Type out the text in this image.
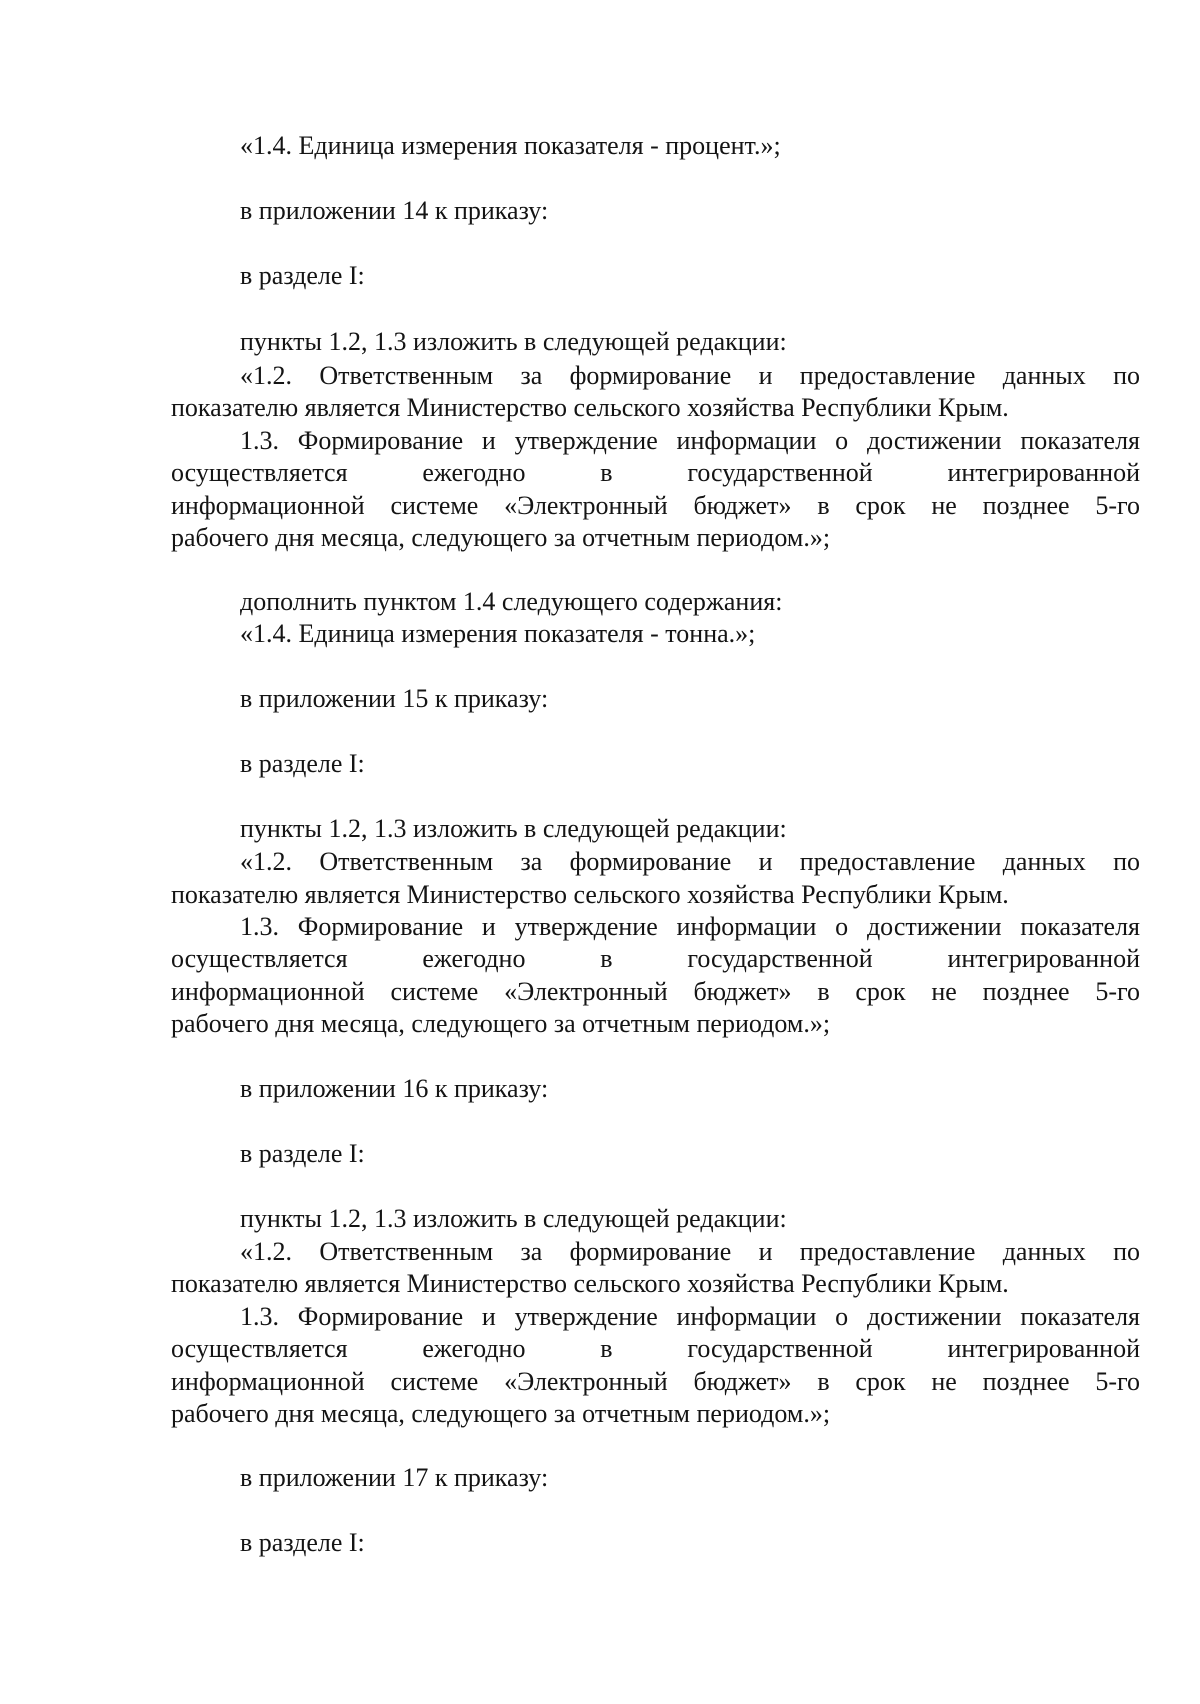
«1.4. Единица измерения показателя - процент.»;
в приложении 14 к приказу:
в разделе I:
пункты 1.2, 1.3 изложить в следующей редакции:
«1.2. Ответственным за формирование и предоставление данных по
показателю является Министерство сельского хозяйства Республики Крым.
1.3. Формирование и утверждение информации о достижении показателя
осуществляется ежегодно в государственной интегрированной
информационной системе «Электронный бюджет» в срок не позднее 5-го
рабочего дня месяца, следующего за отчетным периодом.»;
дополнить пунктом 1.4 следующего содержания:
«1.4. Единица измерения показателя - тонна.»;
в приложении 15 к приказу:
в разделе I:
пункты 1.2, 1.3 изложить в следующей редакции:
«1.2. Ответственным за формирование и предоставление данных по
показателю является Министерство сельского хозяйства Республики Крым.
1.3. Формирование и утверждение информации о достижении показателя
осуществляется ежегодно в государственной интегрированной
информационной системе «Электронный бюджет» в срок не позднее 5-го
рабочего дня месяца, следующего за отчетным периодом.»;
в приложении 16 к приказу:
в разделе I:
пункты 1.2, 1.3 изложить в следующей редакции:
«1.2. Ответственным за формирование и предоставление данных по
показателю является Министерство сельского хозяйства Республики Крым.
1.3. Формирование и утверждение информации о достижении показателя
осуществляется ежегодно в государственной интегрированной
информационной системе «Электронный бюджет» в срок не позднее 5-го
рабочего дня месяца, следующего за отчетным периодом.»;
в приложении 17 к приказу:
в разделе I:
